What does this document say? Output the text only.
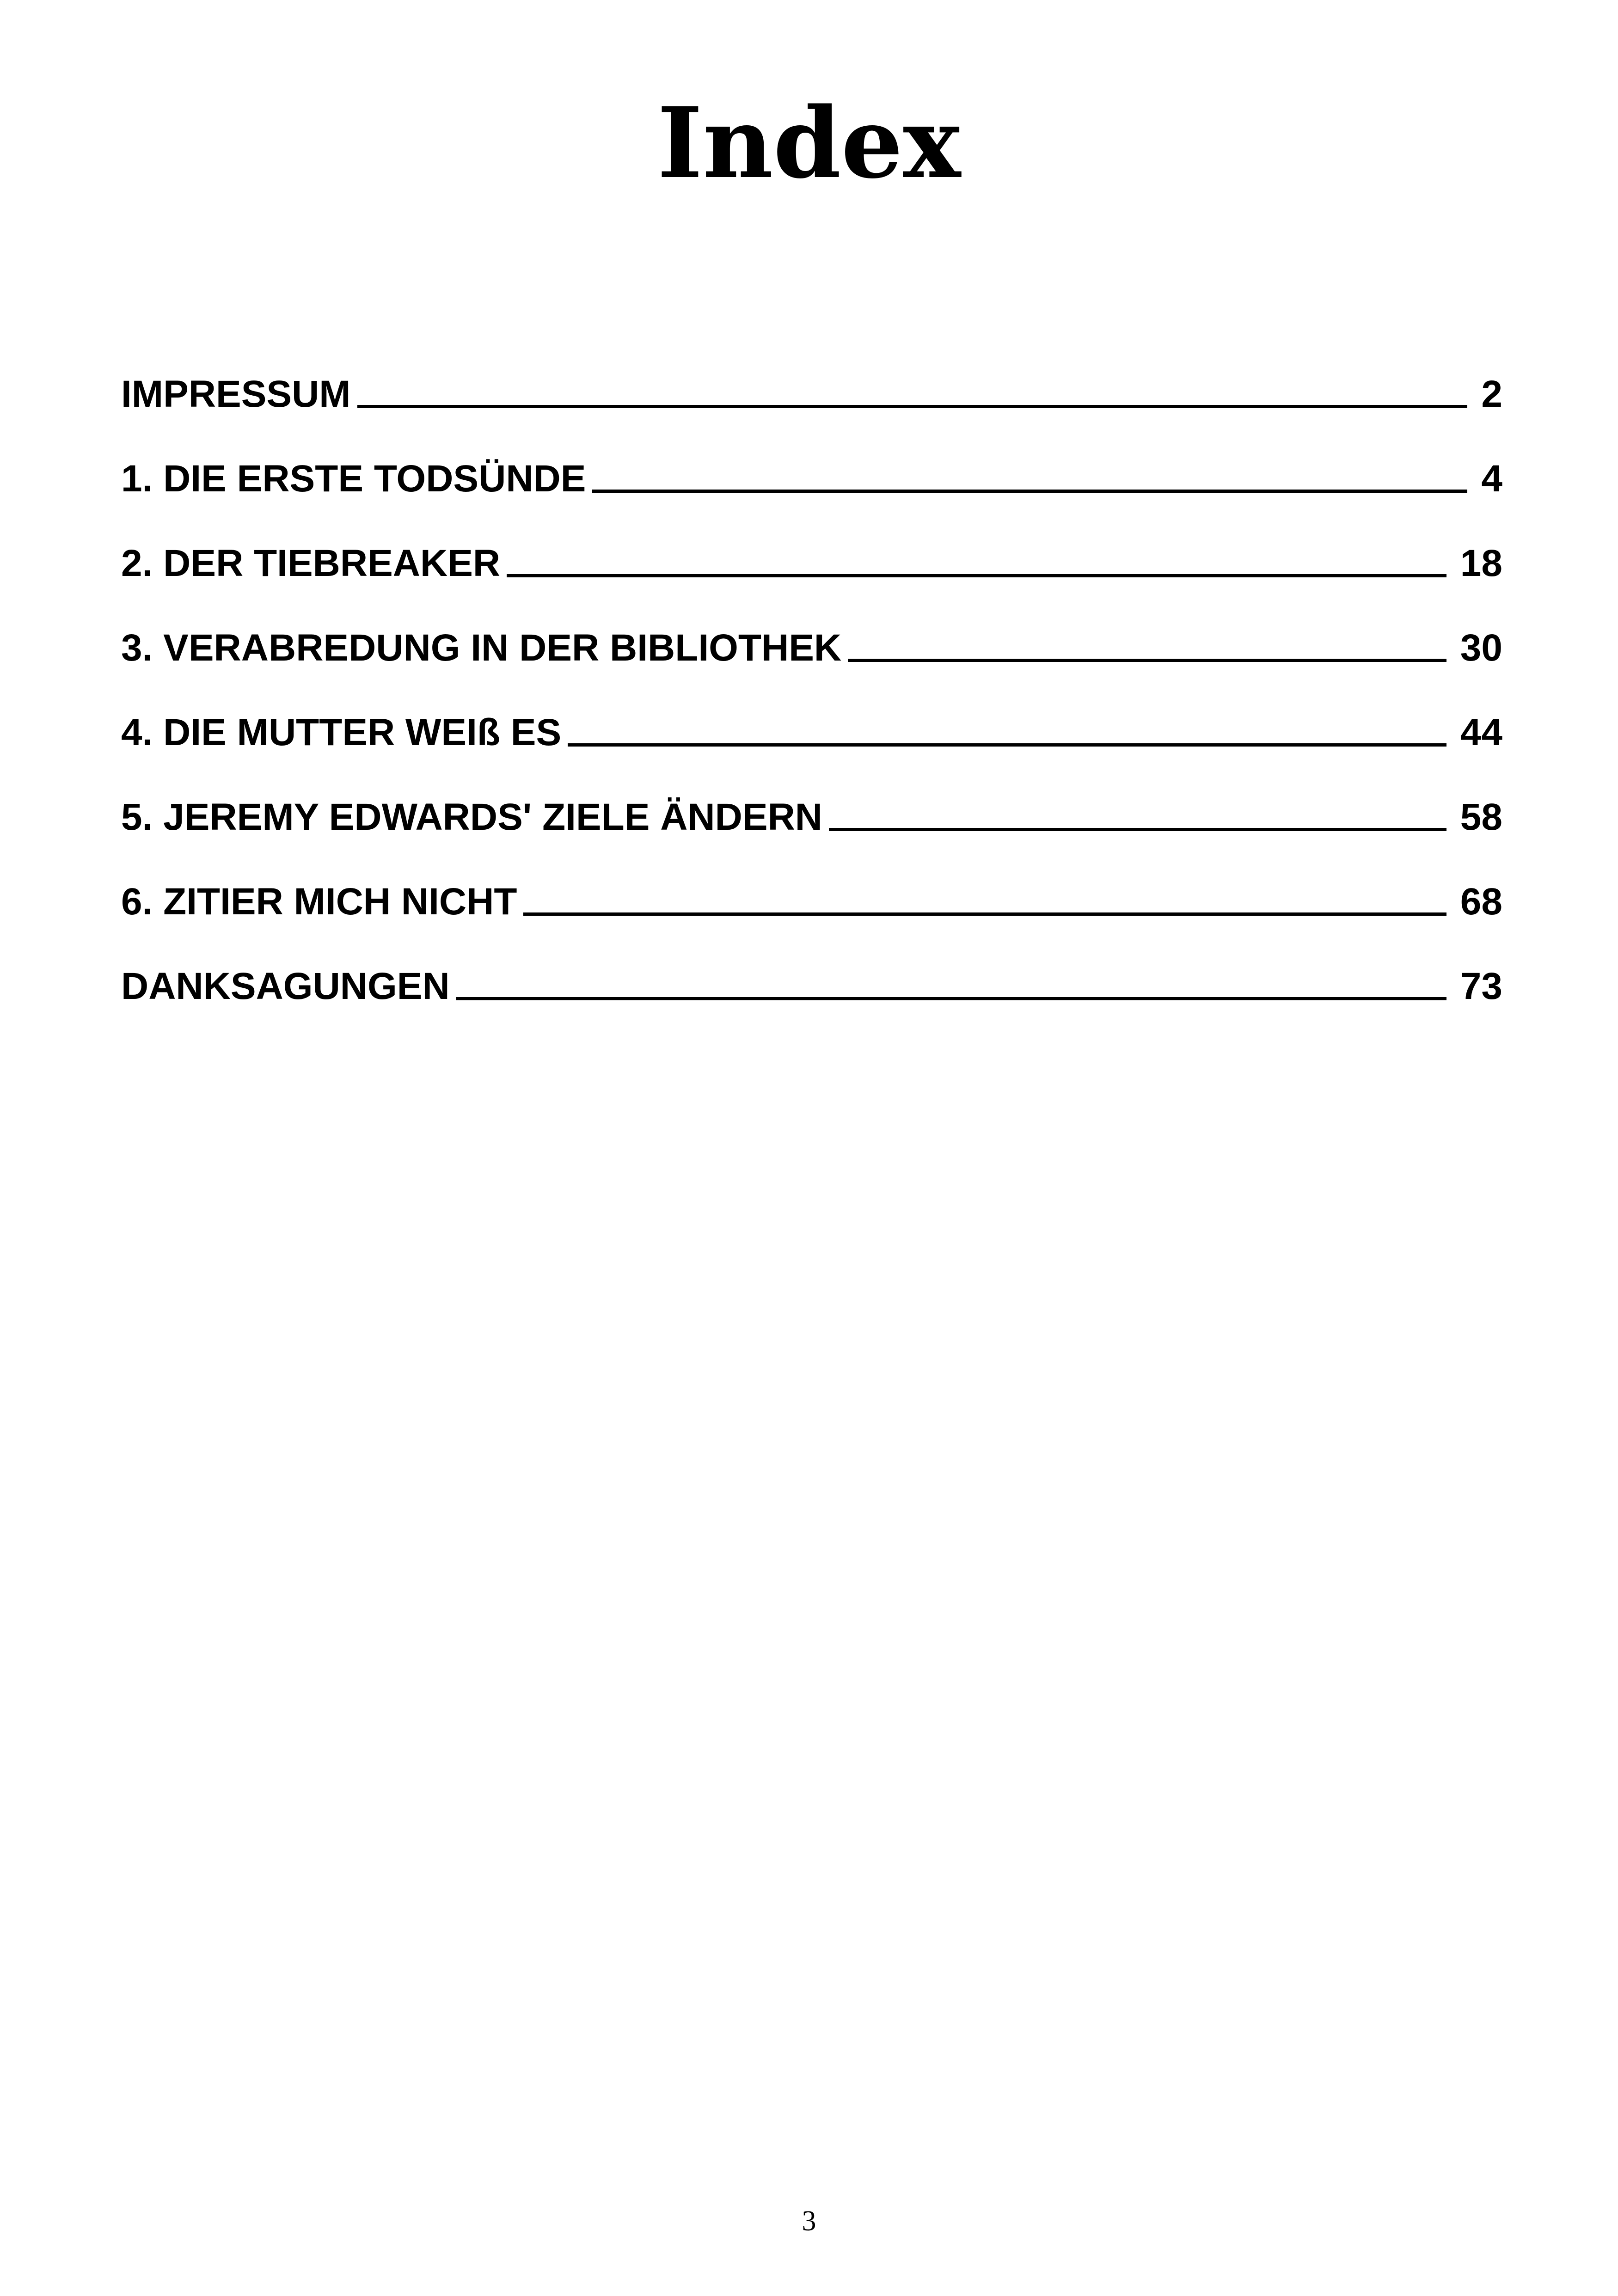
Index
IMPRESSUM	2
1. DIE ERSTE TODSÜNDE	4
2. DER TIEBREAKER	18
3. VERABREDUNG IN DER BIBLIOTHEK	30
4. DIE MUTTER WEIß ES	44
5. JEREMY EDWARDS' ZIELE ÄNDERN	58
6. ZITIER MICH NICHT	68
DANKSAGUNGEN	73
3
